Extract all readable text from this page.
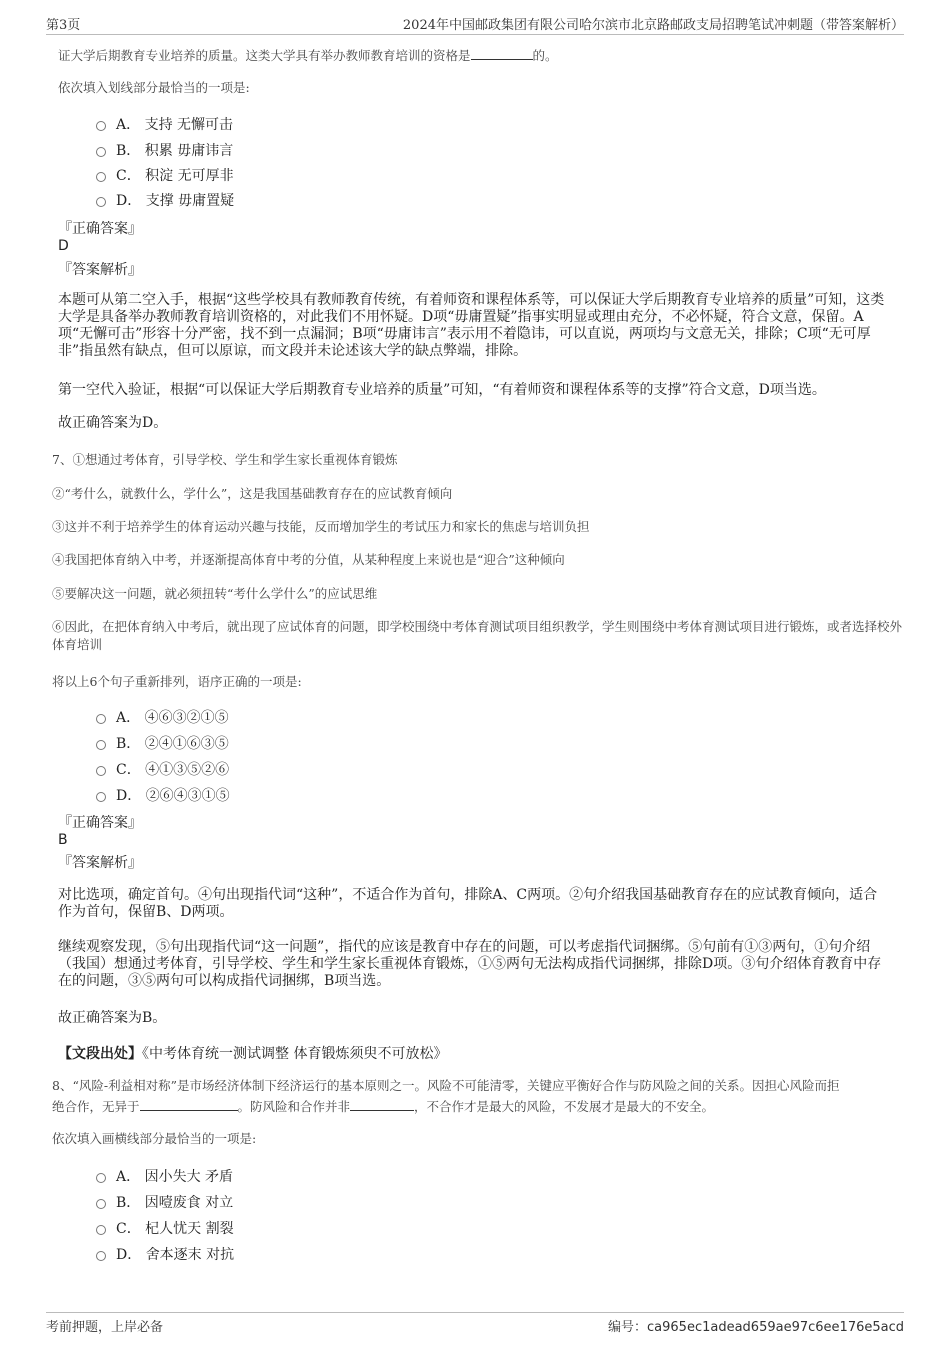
第3页	2024年中国邮政集团有限公司哈尔滨市北京路邮政支局招聘笔试冲刺题（带答案解析）
证大学后期教育专业培养的质量。这类大学具有举办教师教育培训的资格是	的。
依次填入划线部分最恰当的一项是:
A． 支持 无懈可击
B． 积累 毋庸讳言
C． 积淀 无可厚非
D． 支撑 毋庸置疑
『正确答案』
D
『答案解析』
本题可从第二空入手，根据“这些学校具有教师教育传统，有着师资和课程体系等，可以保证大学后期教育专业培养的质量”可知，这类大学是具备举办教师教育培训资格的，对此我们不用怀疑。D项“毋庸置疑”指事实明显或理由充分，不必怀疑，符合文意，保留。A项“无懈可击”形容十分严密，找不到一点漏洞；B项“毋庸讳言”表示用不着隐讳，可以直说，两项均与文意无关，排除；C项“无可厚非”指虽然有缺点，但可以原谅，而文段并未论述该大学的缺点弊端，排除。
第一空代入验证，根据“可以保证大学后期教育专业培养的质量”可知，“有着师资和课程体系等的支撑”符合文意，D项当选。
故正确答案为D。
7、①想通过考体育，引导学校、学生和学生家长重视体育锻炼
②“考什么，就教什么，学什么”，这是我国基础教育存在的应试教育倾向
③这并不利于培养学生的体育运动兴趣与技能，反而增加学生的考试压力和家长的焦虑与培训负担
④我国把体育纳入中考，并逐渐提高体育中考的分值，从某种程度上来说也是“迎合”这种倾向
⑤要解决这一问题，就必须扭转“考什么学什么”的应试思维
⑥因此，在把体育纳入中考后，就出现了应试体育的问题，即学校围绕中考体育测试项目组织教学，学生则围绕中考体育测试项目进行锻炼，或者选择校外体育培训
将以上6个句子重新排列，语序正确的一项是:
A． ④⑥③②①⑤
B． ②④①⑥③⑤
C． ④①③⑤②⑥
D． ②⑥④③①⑤
『正确答案』
B
『答案解析』
对比选项，确定首句。④句出现指代词“这种”，不适合作为首句，排除A、C两项。②句介绍我国基础教育存在的应试教育倾向，适合作为首句，保留B、D两项。
继续观察发现，⑤句出现指代词“这一问题”，指代的应该是教育中存在的问题，可以考虑指代词捆绑。⑤句前有①③两句，①句介绍（我国）想通过考体育，引导学校、学生和学生家长重视体育锻炼，①⑤两句无法构成指代词捆绑，排除D项。③句介绍体育教育中存在的问题，③⑤两句可以构成指代词捆绑，B项当选。
故正确答案为B。
【文段出处】《中考体育统一测试调整 体育锻炼须臾不可放松》
8、“风险-利益相对称”是市场经济体制下经济运行的基本原则之一。风险不可能清零，关键应平衡好合作与防风险之间的关系。因担心风险而拒
绝合作，无异于	。防风险和合作并非	，不合作才是最大的风险，不发展才是最大的不安全。
依次填入画横线部分最恰当的一项是:
A． 因小失大 矛盾
B． 因噎废食 对立
C． 杞人忧天 割裂
D． 舍本逐末 对抗
考前押题，上岸必备	编号：ca965ec1adead659ae97c6ee176e5acd
